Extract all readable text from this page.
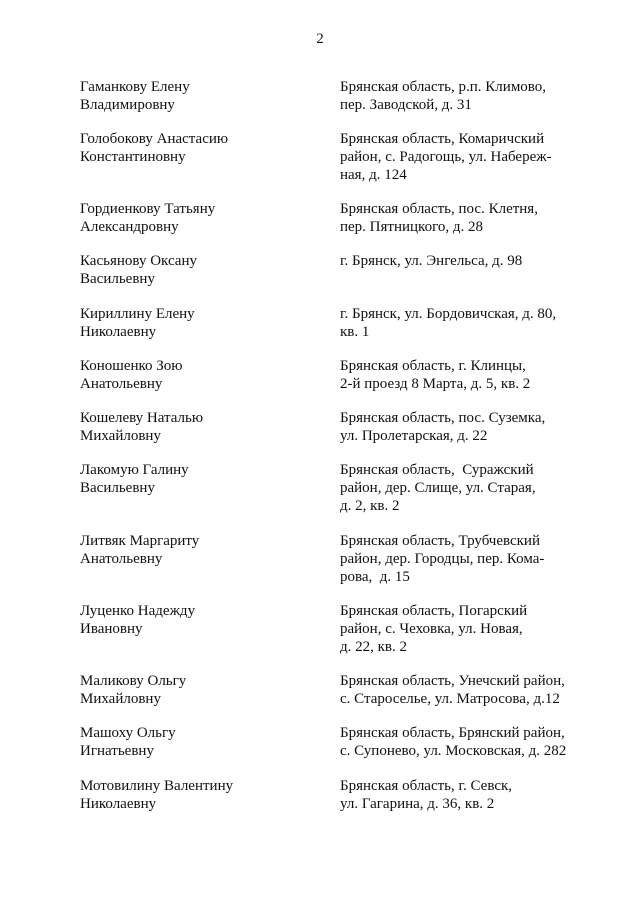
2
Гаманкову Елену
Владимировну
Брянская область, р.п. Климово,
пер. Заводской, д. 31
Голобокову Анастасию
Константиновну
Брянская область, Комаричский
район, с. Радогощь, ул. Набереж-
ная, д. 124
Гордиенкову Татьяну
Александровну
Брянская область, пос. Клетня,
пер. Пятницкого, д. 28
Касьянову Оксану
Васильевну
г. Брянск, ул. Энгельса, д. 98
Кириллину Елену
Николаевну
г. Брянск, ул. Бордовичская, д. 80,
кв. 1
Коношенко Зою
Анатольевну
Брянская область, г. Клинцы,
2-й проезд 8 Марта, д. 5, кв. 2
Кошелеву Наталью
Михайловну
Брянская область, пос. Суземка,
ул. Пролетарская, д. 22
Лакомую Галину
Васильевну
Брянская область,  Суражский
район, дер. Слище, ул. Старая,
д. 2, кв. 2
Литвяк Маргариту
Анатольевну
Брянская область, Трубчевский
район, дер. Городцы, пер. Кома-
рова,  д. 15
Луценко Надежду
Ивановну
Брянская область, Погарский
район, с. Чеховка, ул. Новая,
д. 22, кв. 2
Маликову Ольгу
Михайловну
Брянская область, Унечский район,
с. Староселье, ул. Матросова, д.12
Машоху Ольгу
Игнатьевну
Брянская область, Брянский район,
с. Супонево, ул. Московская, д. 282
Мотовилину Валентину
Николаевну
Брянская область, г. Севск,
ул. Гагарина, д. 36, кв. 2
